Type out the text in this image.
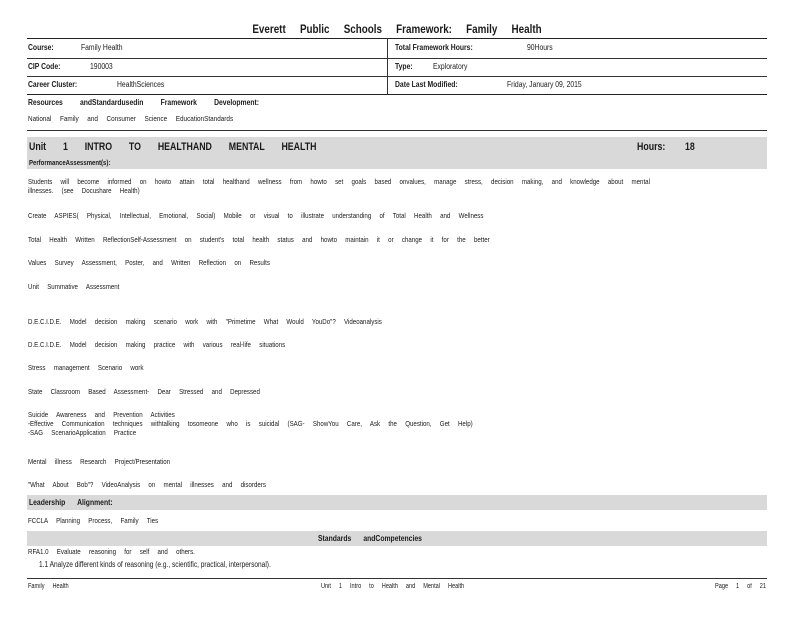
Everett Public Schools Framework: Family Health
Course:	Family Health	Total Framework Hours:	90Hours
CIP Code:	190003	Type:	Exploratory
Career Cluster:	HealthSciences	Date Last Modified:	Friday, January 09, 2015
Resources andStandardusedin Framework Development:
National Family and Consumer Science EducationStandards
Unit 1 INTRO TO HEALTHAND MENTAL HEALTH	Hours: 18
PerformanceAssessment(s):
Students will become informed on howto attain total healthand wellness from howto set goals based onvalues, manage stress, decision making, and knowledge about mental
illnesses. (see Docushare Health)
Create ASPIES( Physical, Intellectual, Emotional, Social) Mobile or visual to illustrate understanding of Total Health and Wellness
Total Health Written ReflectionSelf-Assessment on student's total health status and howto maintain it or change it for the better
Values Survey Assessment, Poster, and Written Reflection on Results
Unit Summative Assessment
D.E.C.I.D.E. Model decision making scenario work with "Primetime What Would YouDo"? Videoanalysis
D.E.C.I.D.E. Model decision making practice with various real-life situations
Stress management Scenario work
State Classroom Based Assessment- Dear Stressed and Depressed
Suicide Awareness and Prevention Activities
-Effective Communication techniques withtalking tosomeone who is suicidal (SAG- ShowYou Care, Ask the Question, Get Help)
-SAG ScenarioApplication Practice
Mental illness Research Project/Presentation
"What About Bob"? VideoAnalysis on mental illnesses and disorders
Leadership Alignment:
FCCLA Planning Process, Family Ties
Standards andCompetencies
RFA1.0 Evaluate reasoning for self and others.
1.1 Analyze different kinds of reasoning (e.g., scientific, practical, interpersonal).
Family Health	Unit 1 Intro to Health and Mental Health	Page 1 of 21
